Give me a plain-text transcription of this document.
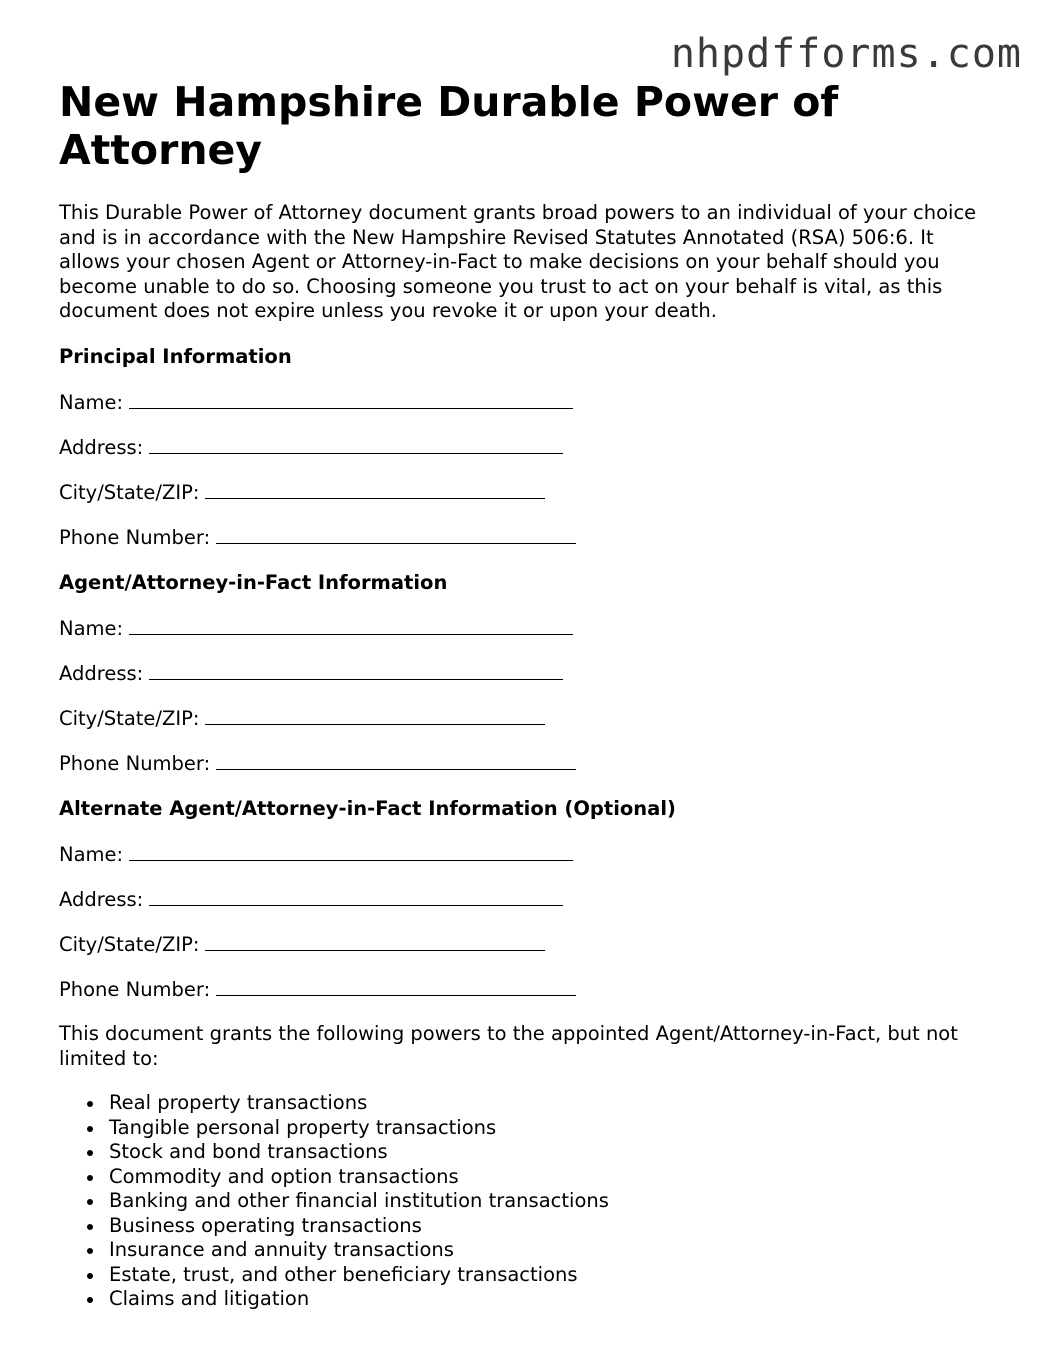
nhpdfforms.com
New Hampshire Durable Power of Attorney

This Durable Power of Attorney document grants broad powers to an individual of your choice and is in accordance with the New Hampshire Revised Statutes Annotated (RSA) 506:6. It allows your chosen Agent or Attorney-in-Fact to make decisions on your behalf should you become unable to do so. Choosing someone you trust to act on your behalf is vital, as this document does not expire unless you revoke it or upon your death.

Principal Information
Name:
Address:
City/State/ZIP:
Phone Number:
Agent/Attorney-in-Fact Information
Name:
Address:
City/State/ZIP:
Phone Number:
Alternate Agent/Attorney-in-Fact Information (Optional)
Name:
Address:
City/State/ZIP:
Phone Number:

This document grants the following powers to the appointed Agent/Attorney-in-Fact, but not limited to:

Real property transactions
Tangible personal property transactions
Stock and bond transactions
Commodity and option transactions
Banking and other financial institution transactions
Business operating transactions
Insurance and annuity transactions
Estate, trust, and other beneficiary transactions
Claims and litigation
